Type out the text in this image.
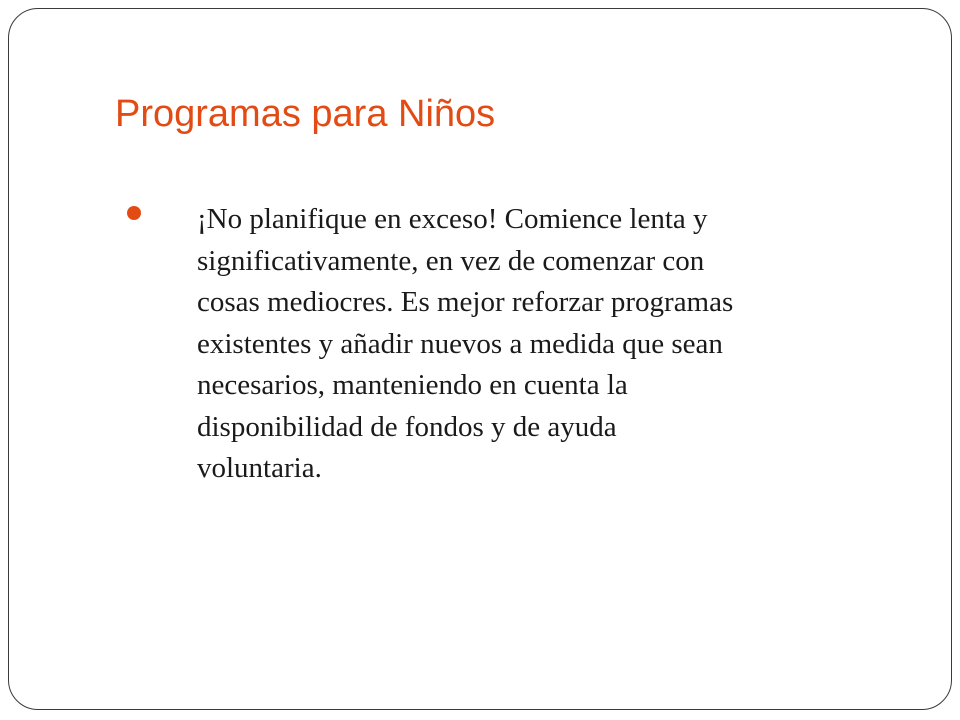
Programas para Niños

¡No planifique en exceso! Comience lenta y
significativamente, en vez de comenzar con
cosas mediocres. Es mejor reforzar programas
existentes y añadir nuevos a medida que sean
necesarios, manteniendo en cuenta la
disponibilidad de fondos y de ayuda
voluntaria.
